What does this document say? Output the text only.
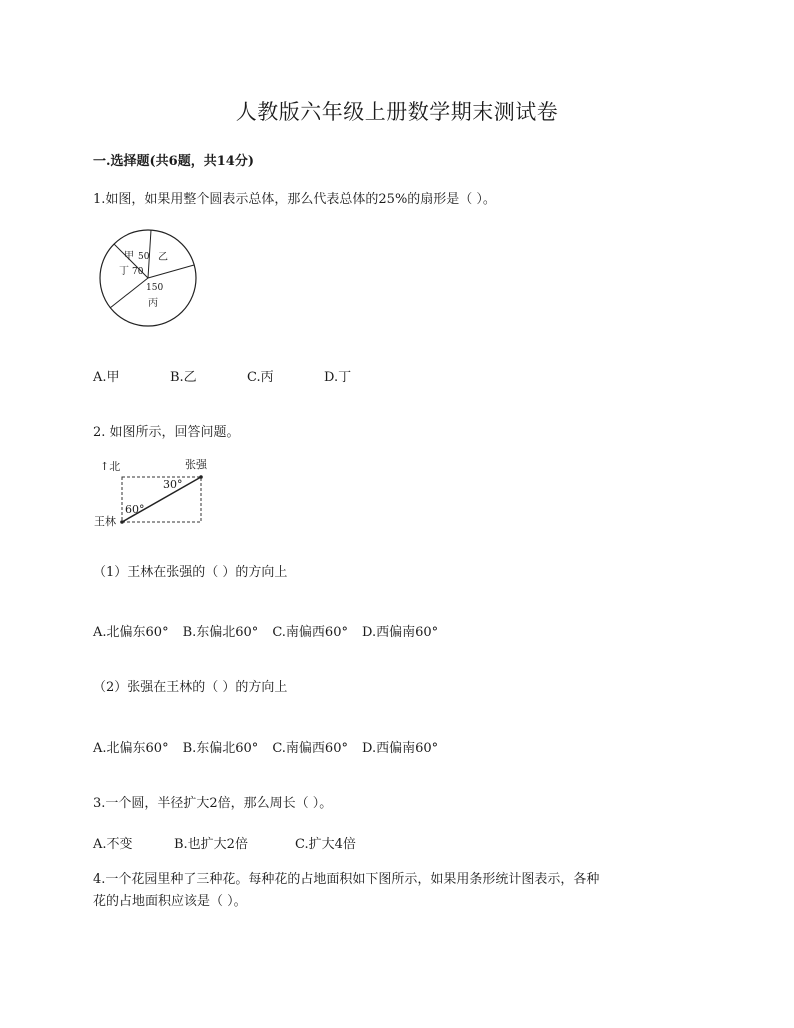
人教版六年级上册数学期末测试卷
一.选择题(共6题，共14分)
1.如图，如果用整个圆表示总体，那么代表总体的25%的扇形是（ ）。
甲 50 乙
丁 70
150
丙
A.甲	B.乙	C.丙	D.丁
2. 如图所示，回答问题。
↑北	张强
30°
60°
王林
（1）王林在张强的（ ）的方向上
A.北偏东60° B.东偏北60° C.南偏西60° D.西偏南60°
（2）张强在王林的（ ）的方向上
A.北偏东60° B.东偏北60° C.南偏西60° D.西偏南60°
3.一个圆，半径扩大2倍，那么周长（ ）。
A.不变	B.也扩大2倍	C.扩大4倍
4.一个花园里种了三种花。每种花的占地面积如下图所示，如果用条形统计图表示，各种
花的占地面积应该是（ ）。
